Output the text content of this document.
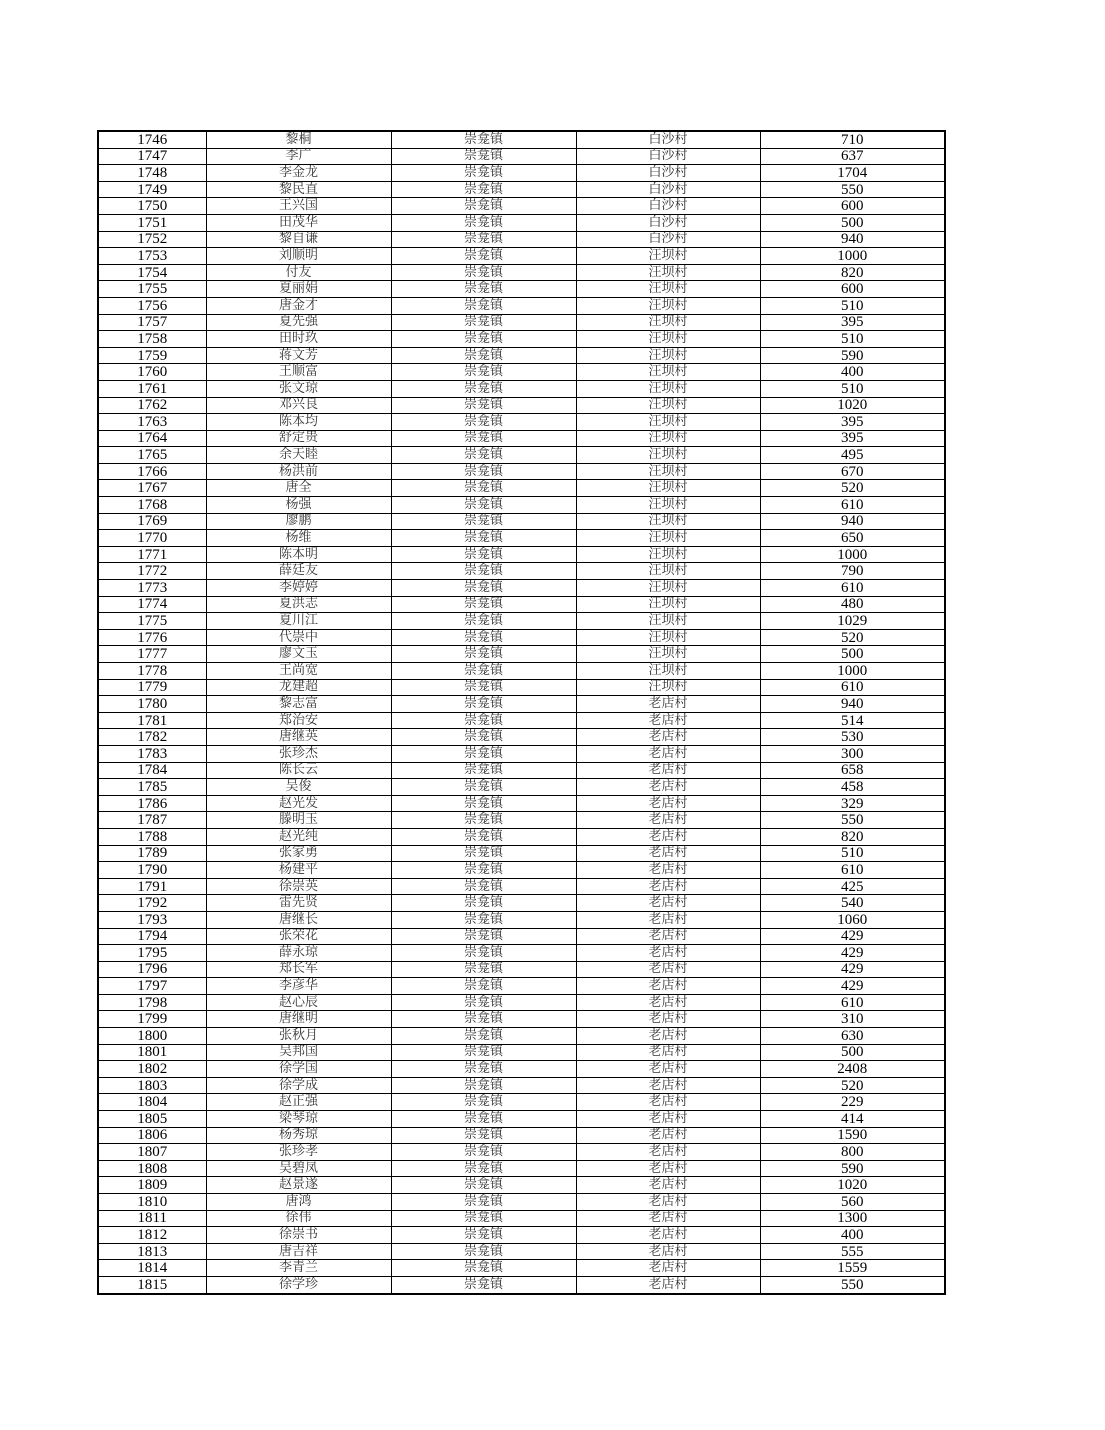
1746	黎桐	崇龛镇	白沙村	710
1747	李广	崇龛镇	白沙村	637
1748	李金龙	崇龛镇	白沙村	1704
1749	黎民直	崇龛镇	白沙村	550
1750	王兴国	崇龛镇	白沙村	600
1751	田茂华	崇龛镇	白沙村	500
1752	黎自谦	崇龛镇	白沙村	940
1753	刘顺明	崇龛镇	汪坝村	1000
1754	付友	崇龛镇	汪坝村	820
1755	夏丽娟	崇龛镇	汪坝村	600
1756	唐金才	崇龛镇	汪坝村	510
1757	夏先强	崇龛镇	汪坝村	395
1758	田时玖	崇龛镇	汪坝村	510
1759	蒋文芳	崇龛镇	汪坝村	590
1760	王顺富	崇龛镇	汪坝村	400
1761	张文琼	崇龛镇	汪坝村	510
1762	邓兴良	崇龛镇	汪坝村	1020
1763	陈本均	崇龛镇	汪坝村	395
1764	舒定贵	崇龛镇	汪坝村	395
1765	余天睦	崇龛镇	汪坝村	495
1766	杨洪前	崇龛镇	汪坝村	670
1767	唐全	崇龛镇	汪坝村	520
1768	杨强	崇龛镇	汪坝村	610
1769	廖鹏	崇龛镇	汪坝村	940
1770	杨维	崇龛镇	汪坝村	650
1771	陈本明	崇龛镇	汪坝村	1000
1772	薛廷友	崇龛镇	汪坝村	790
1773	李婷婷	崇龛镇	汪坝村	610
1774	夏洪志	崇龛镇	汪坝村	480
1775	夏川江	崇龛镇	汪坝村	1029
1776	代崇中	崇龛镇	汪坝村	520
1777	廖文玉	崇龛镇	汪坝村	500
1778	王尚宽	崇龛镇	汪坝村	1000
1779	龙建超	崇龛镇	汪坝村	610
1780	黎志富	崇龛镇	老店村	940
1781	郑治安	崇龛镇	老店村	514
1782	唐继英	崇龛镇	老店村	530
1783	张珍杰	崇龛镇	老店村	300
1784	陈长云	崇龛镇	老店村	658
1785	吴俊	崇龛镇	老店村	458
1786	赵光发	崇龛镇	老店村	329
1787	滕明玉	崇龛镇	老店村	550
1788	赵光纯	崇龛镇	老店村	820
1789	张家勇	崇龛镇	老店村	510
1790	杨建平	崇龛镇	老店村	610
1791	徐崇英	崇龛镇	老店村	425
1792	雷先贤	崇龛镇	老店村	540
1793	唐继长	崇龛镇	老店村	1060
1794	张荣花	崇龛镇	老店村	429
1795	薛永琼	崇龛镇	老店村	429
1796	郑长军	崇龛镇	老店村	429
1797	李彦华	崇龛镇	老店村	429
1798	赵心辰	崇龛镇	老店村	610
1799	唐继明	崇龛镇	老店村	310
1800	张秋月	崇龛镇	老店村	630
1801	吴邦国	崇龛镇	老店村	500
1802	徐学国	崇龛镇	老店村	2408
1803	徐学成	崇龛镇	老店村	520
1804	赵正强	崇龛镇	老店村	229
1805	梁琴琼	崇龛镇	老店村	414
1806	杨秀琼	崇龛镇	老店村	1590
1807	张珍孝	崇龛镇	老店村	800
1808	吴碧凤	崇龛镇	老店村	590
1809	赵景遂	崇龛镇	老店村	1020
1810	唐鸿	崇龛镇	老店村	560
1811	徐伟	崇龛镇	老店村	1300
1812	徐崇书	崇龛镇	老店村	400
1813	唐吉祥	崇龛镇	老店村	555
1814	李青兰	崇龛镇	老店村	1559
1815	徐学珍	崇龛镇	老店村	550
